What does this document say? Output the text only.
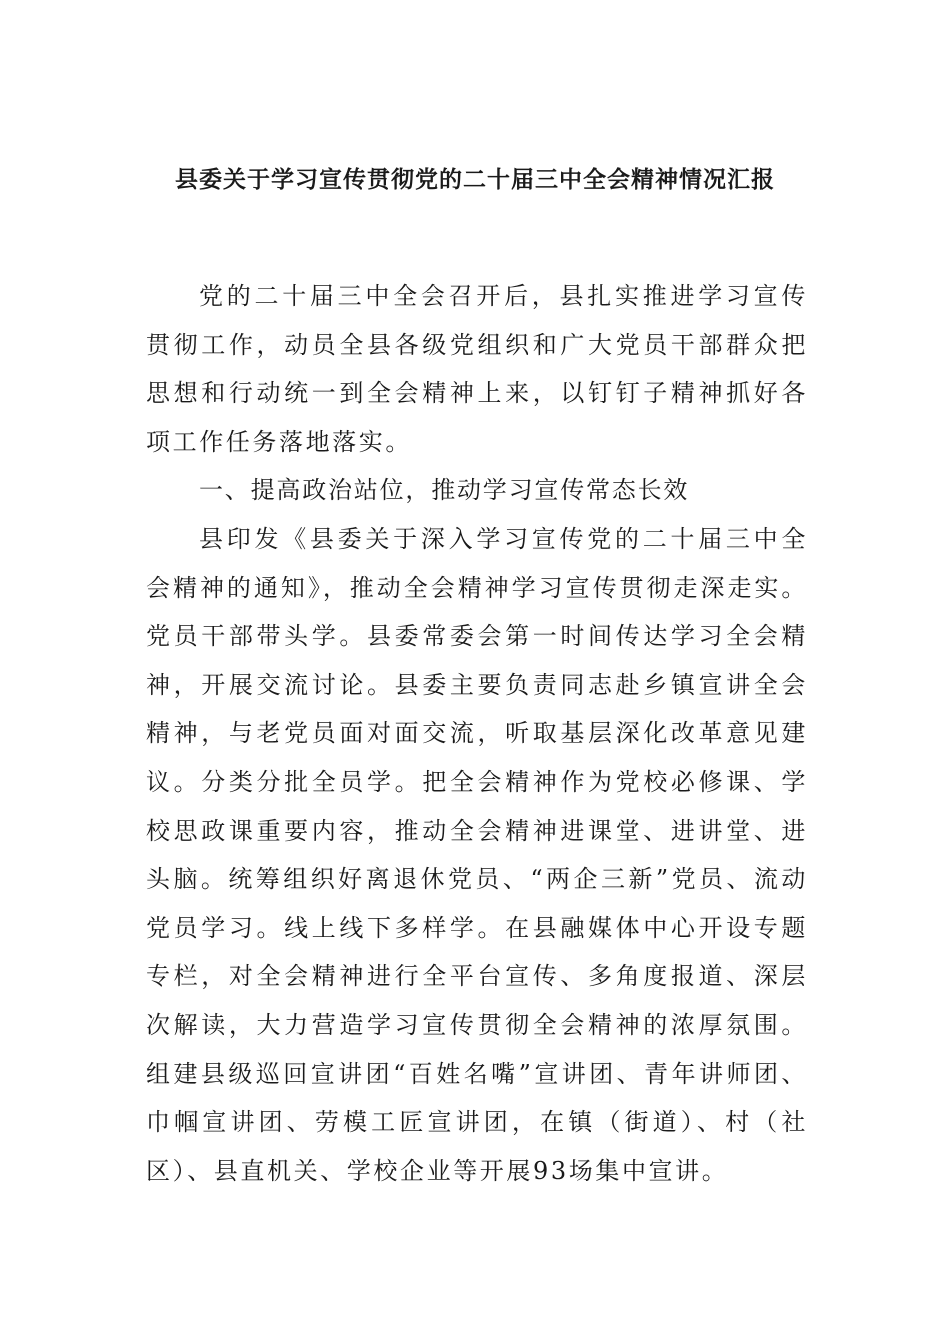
县委关于学习宣传贯彻党的二十届三中全会精神情况汇报

党的二十届三中全会召开后，县扎实推进学习宣传贯彻工作，动员全县各级党组织和广大党员干部群众把思想和行动统一到全会精神上来，以钉钉子精神抓好各项工作任务落地落实。

一、提高政治站位，推动学习宣传常态长效

县印发《县委关于深入学习宣传党的二十届三中全会精神的通知》，推动全会精神学习宣传贯彻走深走实。党员干部带头学。县委常委会第一时间传达学习全会精神，开展交流讨论。县委主要负责同志赴乡镇宣讲全会精神，与老党员面对面交流，听取基层深化改革意见建议。分类分批全员学。把全会精神作为党校必修课、学校思政课重要内容，推动全会精神进课堂、进讲堂、进头脑。统筹组织好离退休党员、“两企三新”党员、流动党员学习。线上线下多样学。在县融媒体中心开设专题专栏，对全会精神进行全平台宣传、多角度报道、深层次解读，大力营造学习宣传贯彻全会精神的浓厚氛围。组建县级巡回宣讲团“百姓名嘴”宣讲团、青年讲师团、巾帼宣讲团、劳模工匠宣讲团，在镇（街道）、村（社区）、县直机关、学校企业等开展93场集中宣讲。
